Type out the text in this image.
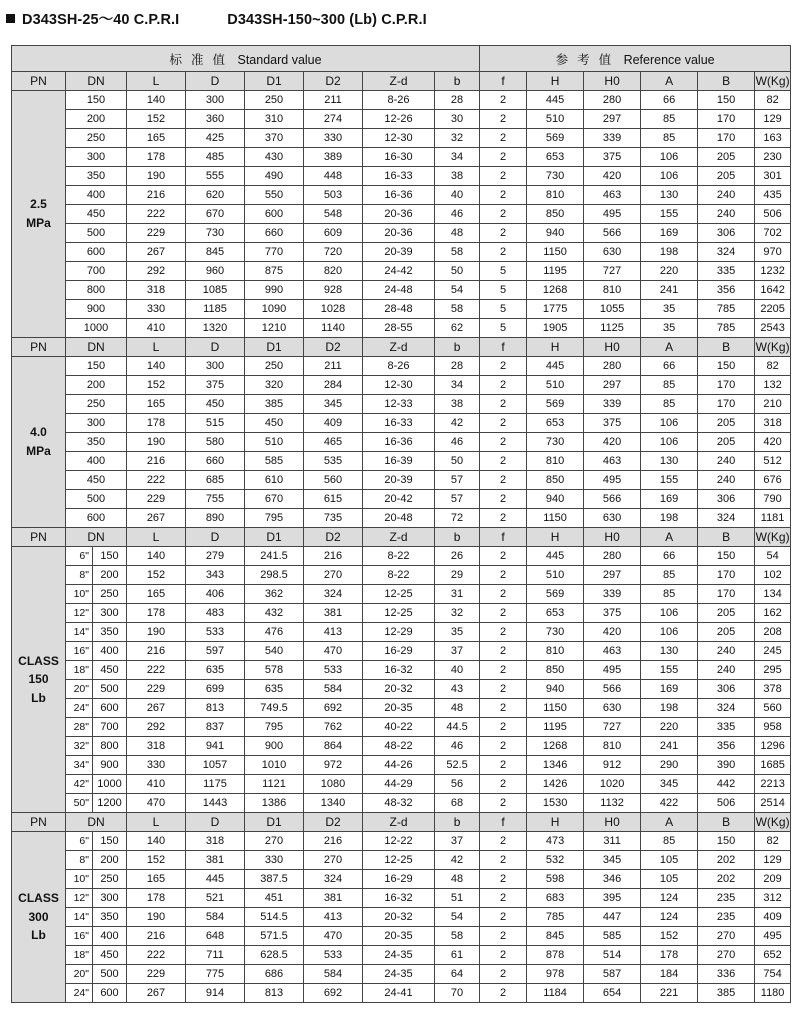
D343SH-25～40 C.P.R.I	D343SH-150~300 (Lb) C.P.R.I
标准值 Standard value									参考值 Reference value					
PN	DN		L	D	D1	D2	Z-d	b	f	H	H0	A	B	W(Kg)

2.5
MPa	150		140	300	250	211	8-26	28	2	445	280	66	150	82
	200		152	360	310	274	12-26	30	2	510	297	85	170	129
	250		165	425	370	330	12-30	32	2	569	339	85	170	163
	300		178	485	430	389	16-30	34	2	653	375	106	205	230
	350		190	555	490	448	16-33	38	2	730	420	106	205	301
	400		216	620	550	503	16-36	40	2	810	463	130	240	435
	450		222	670	600	548	20-36	46	2	850	495	155	240	506
	500		229	730	660	609	20-36	48	2	940	566	169	306	702
	600		267	845	770	720	20-39	58	2	1150	630	198	324	970
	700		292	960	875	820	24-42	50	5	1195	727	220	335	1232
	800		318	1085	990	928	24-48	54	5	1268	810	241	356	1642
	900		330	1185	1090	1028	28-48	58	5	1775	1055	35	785	2205
	1000		410	1320	1210	1140	28-55	62	5	1905	1125	35	785	2543
PN	DN		L	D	D1	D2	Z-d	b	f	H	H0	A	B	W(Kg)

4.0
MPa	150		140	300	250	211	8-26	28	2	445	280	66	150	82
	200		152	375	320	284	12-30	34	2	510	297	85	170	132
	250		165	450	385	345	12-33	38	2	569	339	85	170	210
	300		178	515	450	409	16-33	42	2	653	375	106	205	318
	350		190	580	510	465	16-36	46	2	730	420	106	205	420
	400		216	660	585	535	16-39	50	2	810	463	130	240	512
	450		222	685	610	560	20-39	57	2	850	495	155	240	676
	500		229	755	670	615	20-42	57	2	940	566	169	306	790
	600		267	890	795	735	20-48	72	2	1150	630	198	324	1181
PN	DN		L	D	D1	D2	Z-d	b	f	H	H0	A	B	W(Kg)

CLASS
150
Lb	6"	150	140	279	241.5	216	8-22	26	2	445	280	66	150	54
	8"	200	152	343	298.5	270	8-22	29	2	510	297	85	170	102
	10"	250	165	406	362	324	12-25	31	2	569	339	85	170	134
	12"	300	178	483	432	381	12-25	32	2	653	375	106	205	162
	14"	350	190	533	476	413	12-29	35	2	730	420	106	205	208
	16"	400	216	597	540	470	16-29	37	2	810	463	130	240	245
	18"	450	222	635	578	533	16-32	40	2	850	495	155	240	295
	20"	500	229	699	635	584	20-32	43	2	940	566	169	306	378
	24"	600	267	813	749.5	692	20-35	48	2	1150	630	198	324	560
	28"	700	292	837	795	762	40-22	44.5	2	1195	727	220	335	958
	32"	800	318	941	900	864	48-22	46	2	1268	810	241	356	1296
	34"	900	330	1057	1010	972	44-26	52.5	2	1346	912	290	390	1685
	42"	1000	410	1175	1121	1080	44-29	56	2	1426	1020	345	442	2213
	50"	1200	470	1443	1386	1340	48-32	68	2	1530	1132	422	506	2514
PN	DN		L	D	D1	D2	Z-d	b	f	H	H0	A	B	W(Kg)

CLASS
300
Lb	6"	150	140	318	270	216	12-22	37	2	473	311	85	150	82
	8"	200	152	381	330	270	12-25	42	2	532	345	105	202	129
	10"	250	165	445	387.5	324	16-29	48	2	598	346	105	202	209
	12"	300	178	521	451	381	16-32	51	2	683	395	124	235	312
	14"	350	190	584	514.5	413	20-32	54	2	785	447	124	235	409
	16"	400	216	648	571.5	470	20-35	58	2	845	585	152	270	495
	18"	450	222	711	628.5	533	24-35	61	2	878	514	178	270	652
	20"	500	229	775	686	584	24-35	64	2	978	587	184	336	754
	24"	600	267	914	813	692	24-41	70	2	1184	654	221	385	1180
